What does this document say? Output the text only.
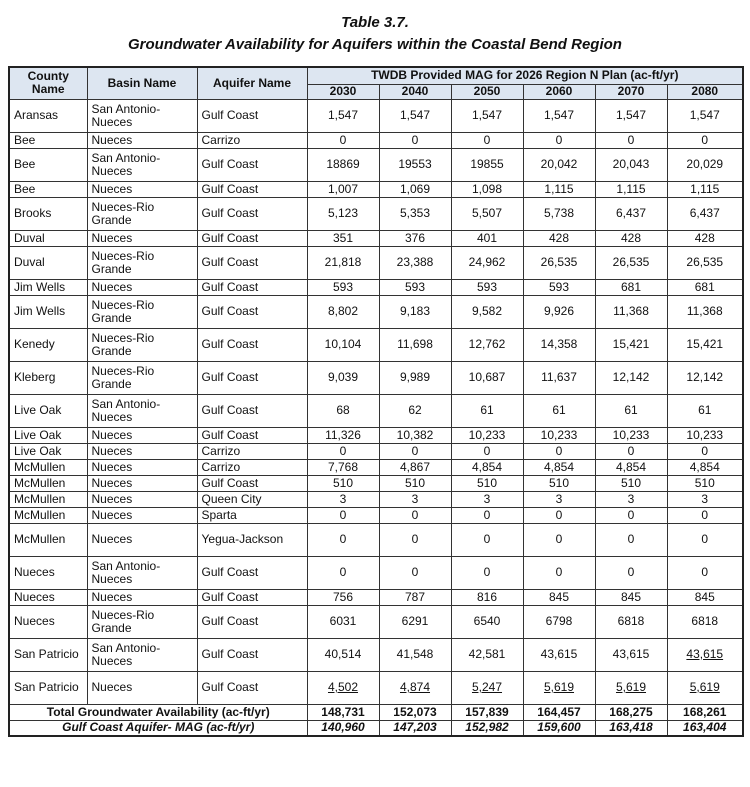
Table 3.7.
Groundwater Availability for Aquifers within the Coastal Bend Region
County Name	Basin Name	Aquifer Name	TWDB Provided MAG for 2026 Region N Plan (ac-ft/yr)					
			2030	2040	2050	2060	2070	2080
Aransas	San Antonio-Nueces	Gulf Coast	1,547	1,547	1,547	1,547	1,547	1,547
Bee	Nueces	Carrizo	0	0	0	0	0	0
Bee	San Antonio-Nueces	Gulf Coast	18869	19553	19855	20,042	20,043	20,029
Bee	Nueces	Gulf Coast	1,007	1,069	1,098	1,115	1,115	1,115
Brooks	Nueces-Rio Grande	Gulf Coast	5,123	5,353	5,507	5,738	6,437	6,437
Duval	Nueces	Gulf Coast	351	376	401	428	428	428
Duval	Nueces-Rio Grande	Gulf Coast	21,818	23,388	24,962	26,535	26,535	26,535
Jim Wells	Nueces	Gulf Coast	593	593	593	593	681	681
Jim Wells	Nueces-Rio Grande	Gulf Coast	8,802	9,183	9,582	9,926	11,368	11,368
Kenedy	Nueces-Rio Grande	Gulf Coast	10,104	11,698	12,762	14,358	15,421	15,421
Kleberg	Nueces-Rio Grande	Gulf Coast	9,039	9,989	10,687	11,637	12,142	12,142
Live Oak	San Antonio-Nueces	Gulf Coast	68	62	61	61	61	61
Live Oak	Nueces	Gulf Coast	11,326	10,382	10,233	10,233	10,233	10,233
Live Oak	Nueces	Carrizo	0	0	0	0	0	0
McMullen	Nueces	Carrizo	7,768	4,867	4,854	4,854	4,854	4,854
McMullen	Nueces	Gulf Coast	510	510	510	510	510	510
McMullen	Nueces	Queen City	3	3	3	3	3	3
McMullen	Nueces	Sparta	0	0	0	0	0	0
McMullen	Nueces	Yegua-Jackson	0	0	0	0	0	0
Nueces	San Antonio-Nueces	Gulf Coast	0	0	0	0	0	0
Nueces	Nueces	Gulf Coast	756	787	816	845	845	845
Nueces	Nueces-Rio Grande	Gulf Coast	6031	6291	6540	6798	6818	6818
San Patricio	San Antonio-Nueces	Gulf Coast	40,514	41,548	42,581	43,615	43,615	43,615
San Patricio	Nueces	Gulf Coast	4,502	4,874	5,247	5,619	5,619	5,619
Total Groundwater Availability (ac-ft/yr)			148,731	152,073	157,839	164,457	168,275	168,261
Gulf Coast Aquifer- MAG (ac-ft/yr)			140,960	147,203	152,982	159,600	163,418	163,404
